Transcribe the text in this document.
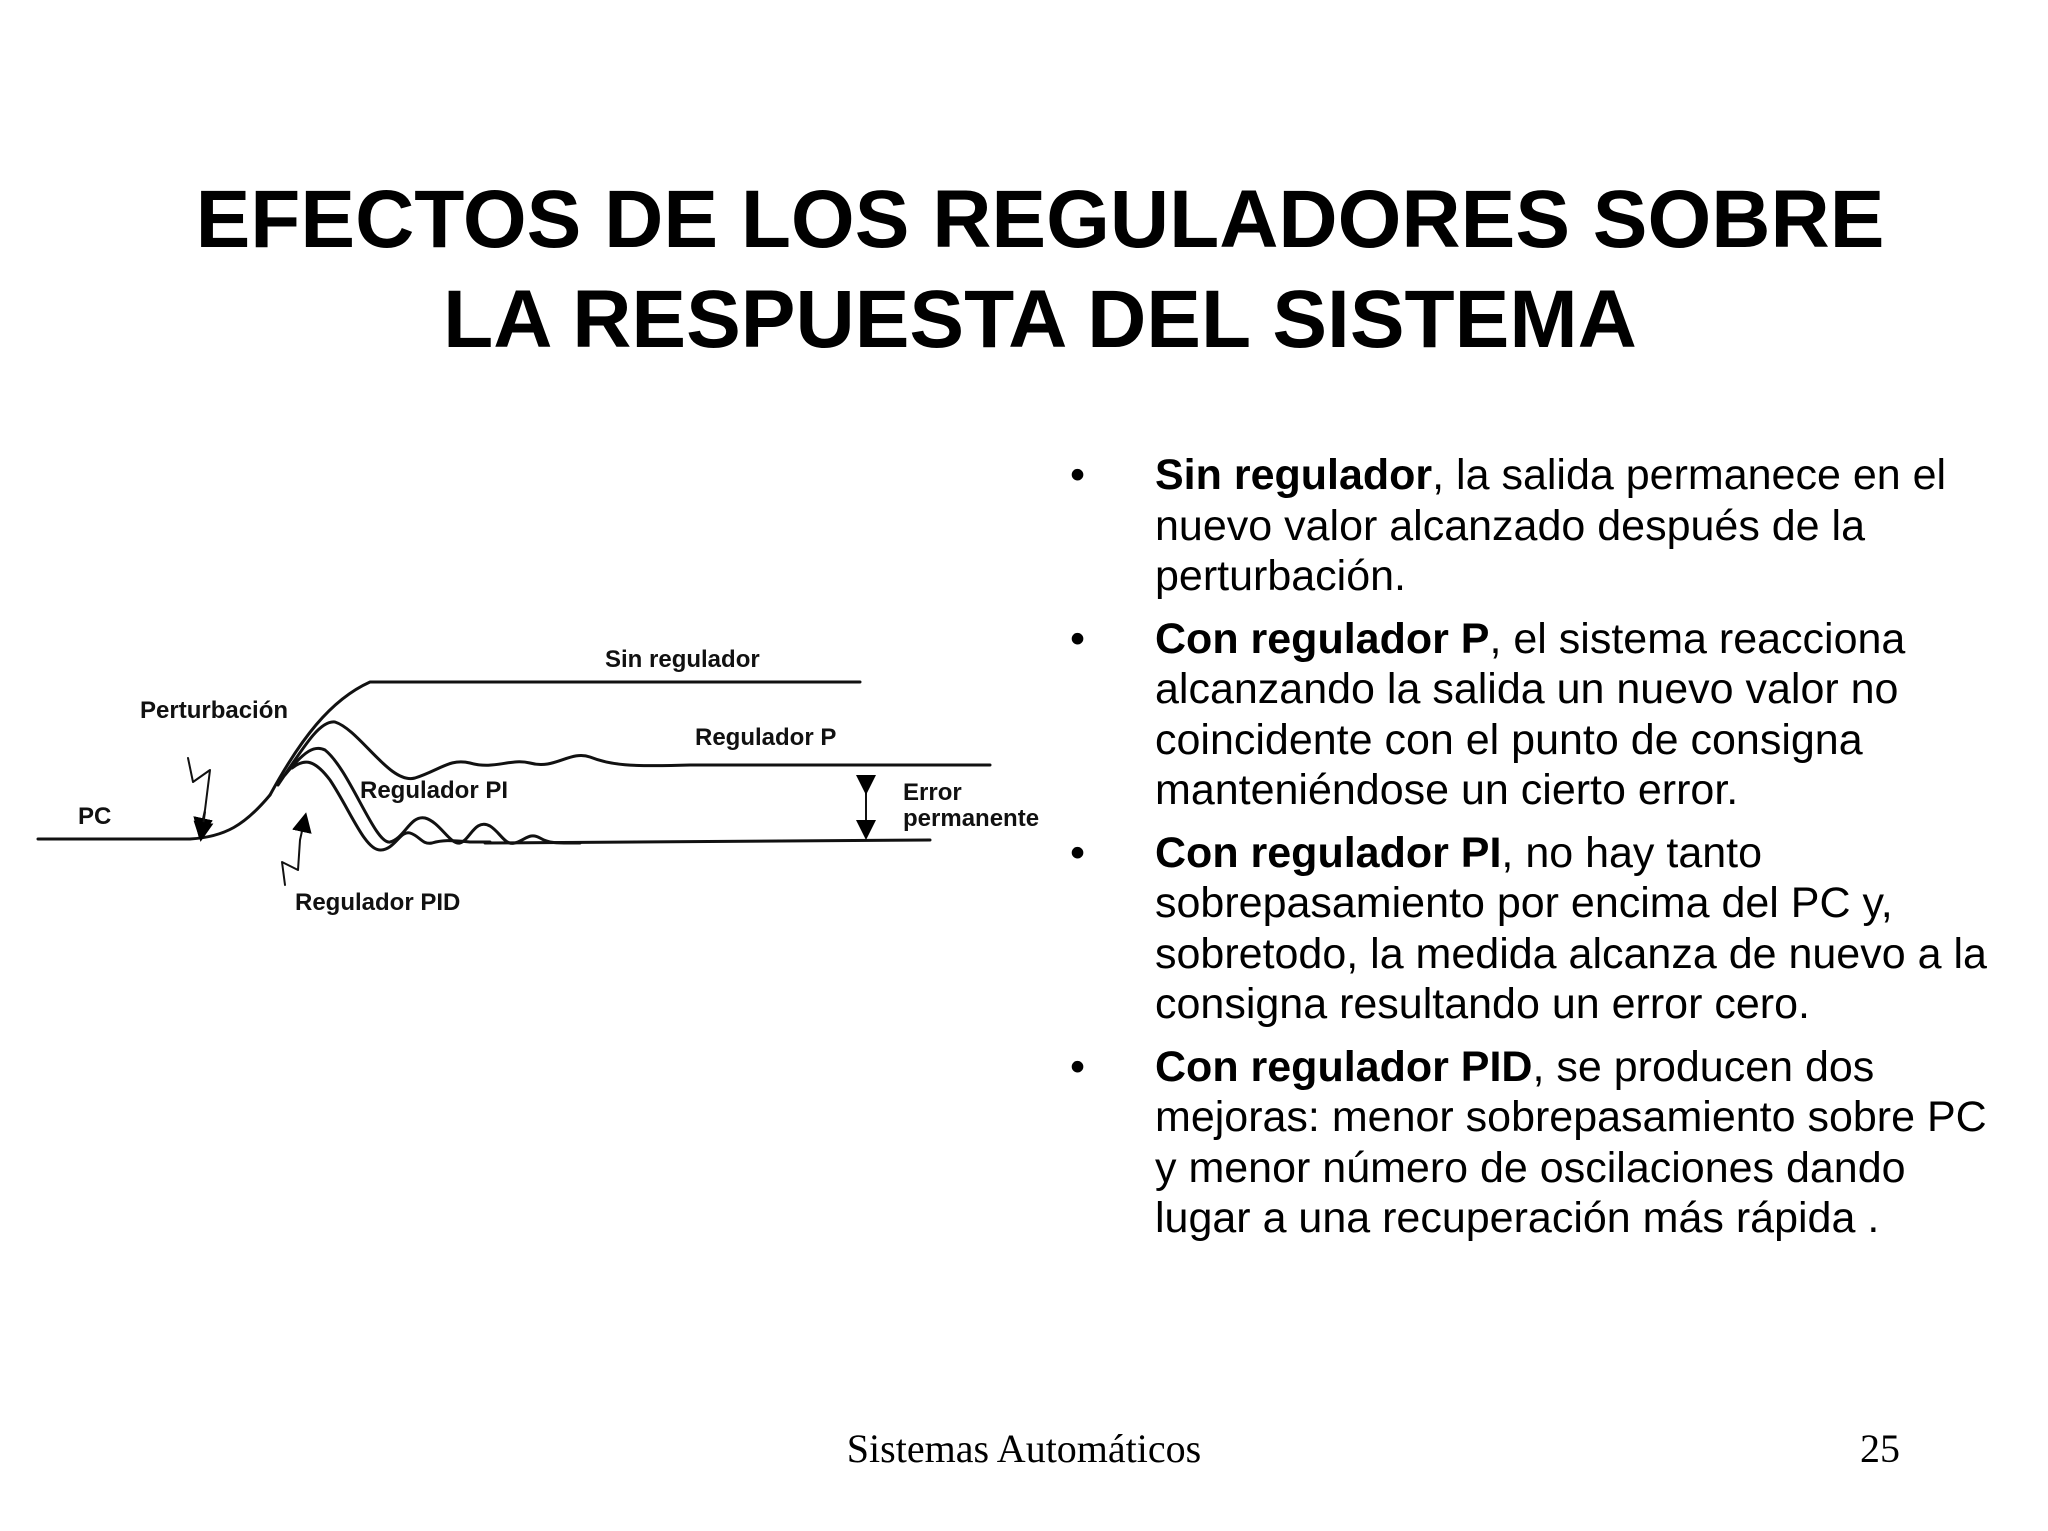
EFECTOS DE LOS REGULADORES SOBRE
LA RESPUESTA DEL SISTEMA
Sin regulador
Regulador P
Regulador PI
Regulador PID
Perturbación
PC
Error
permanente
• Sin regulador, la salida permanece en el nuevo valor alcanzado después de la perturbación.
• Con regulador P, el sistema reacciona alcanzando la salida un nuevo valor no coincidente con el punto de consigna manteniéndose un cierto error.
• Con regulador PI, no hay tanto sobrepasamiento por encima del PC y, sobretodo, la medida alcanza de nuevo a la consigna resultando un error cero.
• Con regulador PID, se producen dos mejoras: menor sobrepasamiento sobre PC y menor número de oscilaciones dando lugar a una recuperación más rápida .
Sistemas Automáticos	25
